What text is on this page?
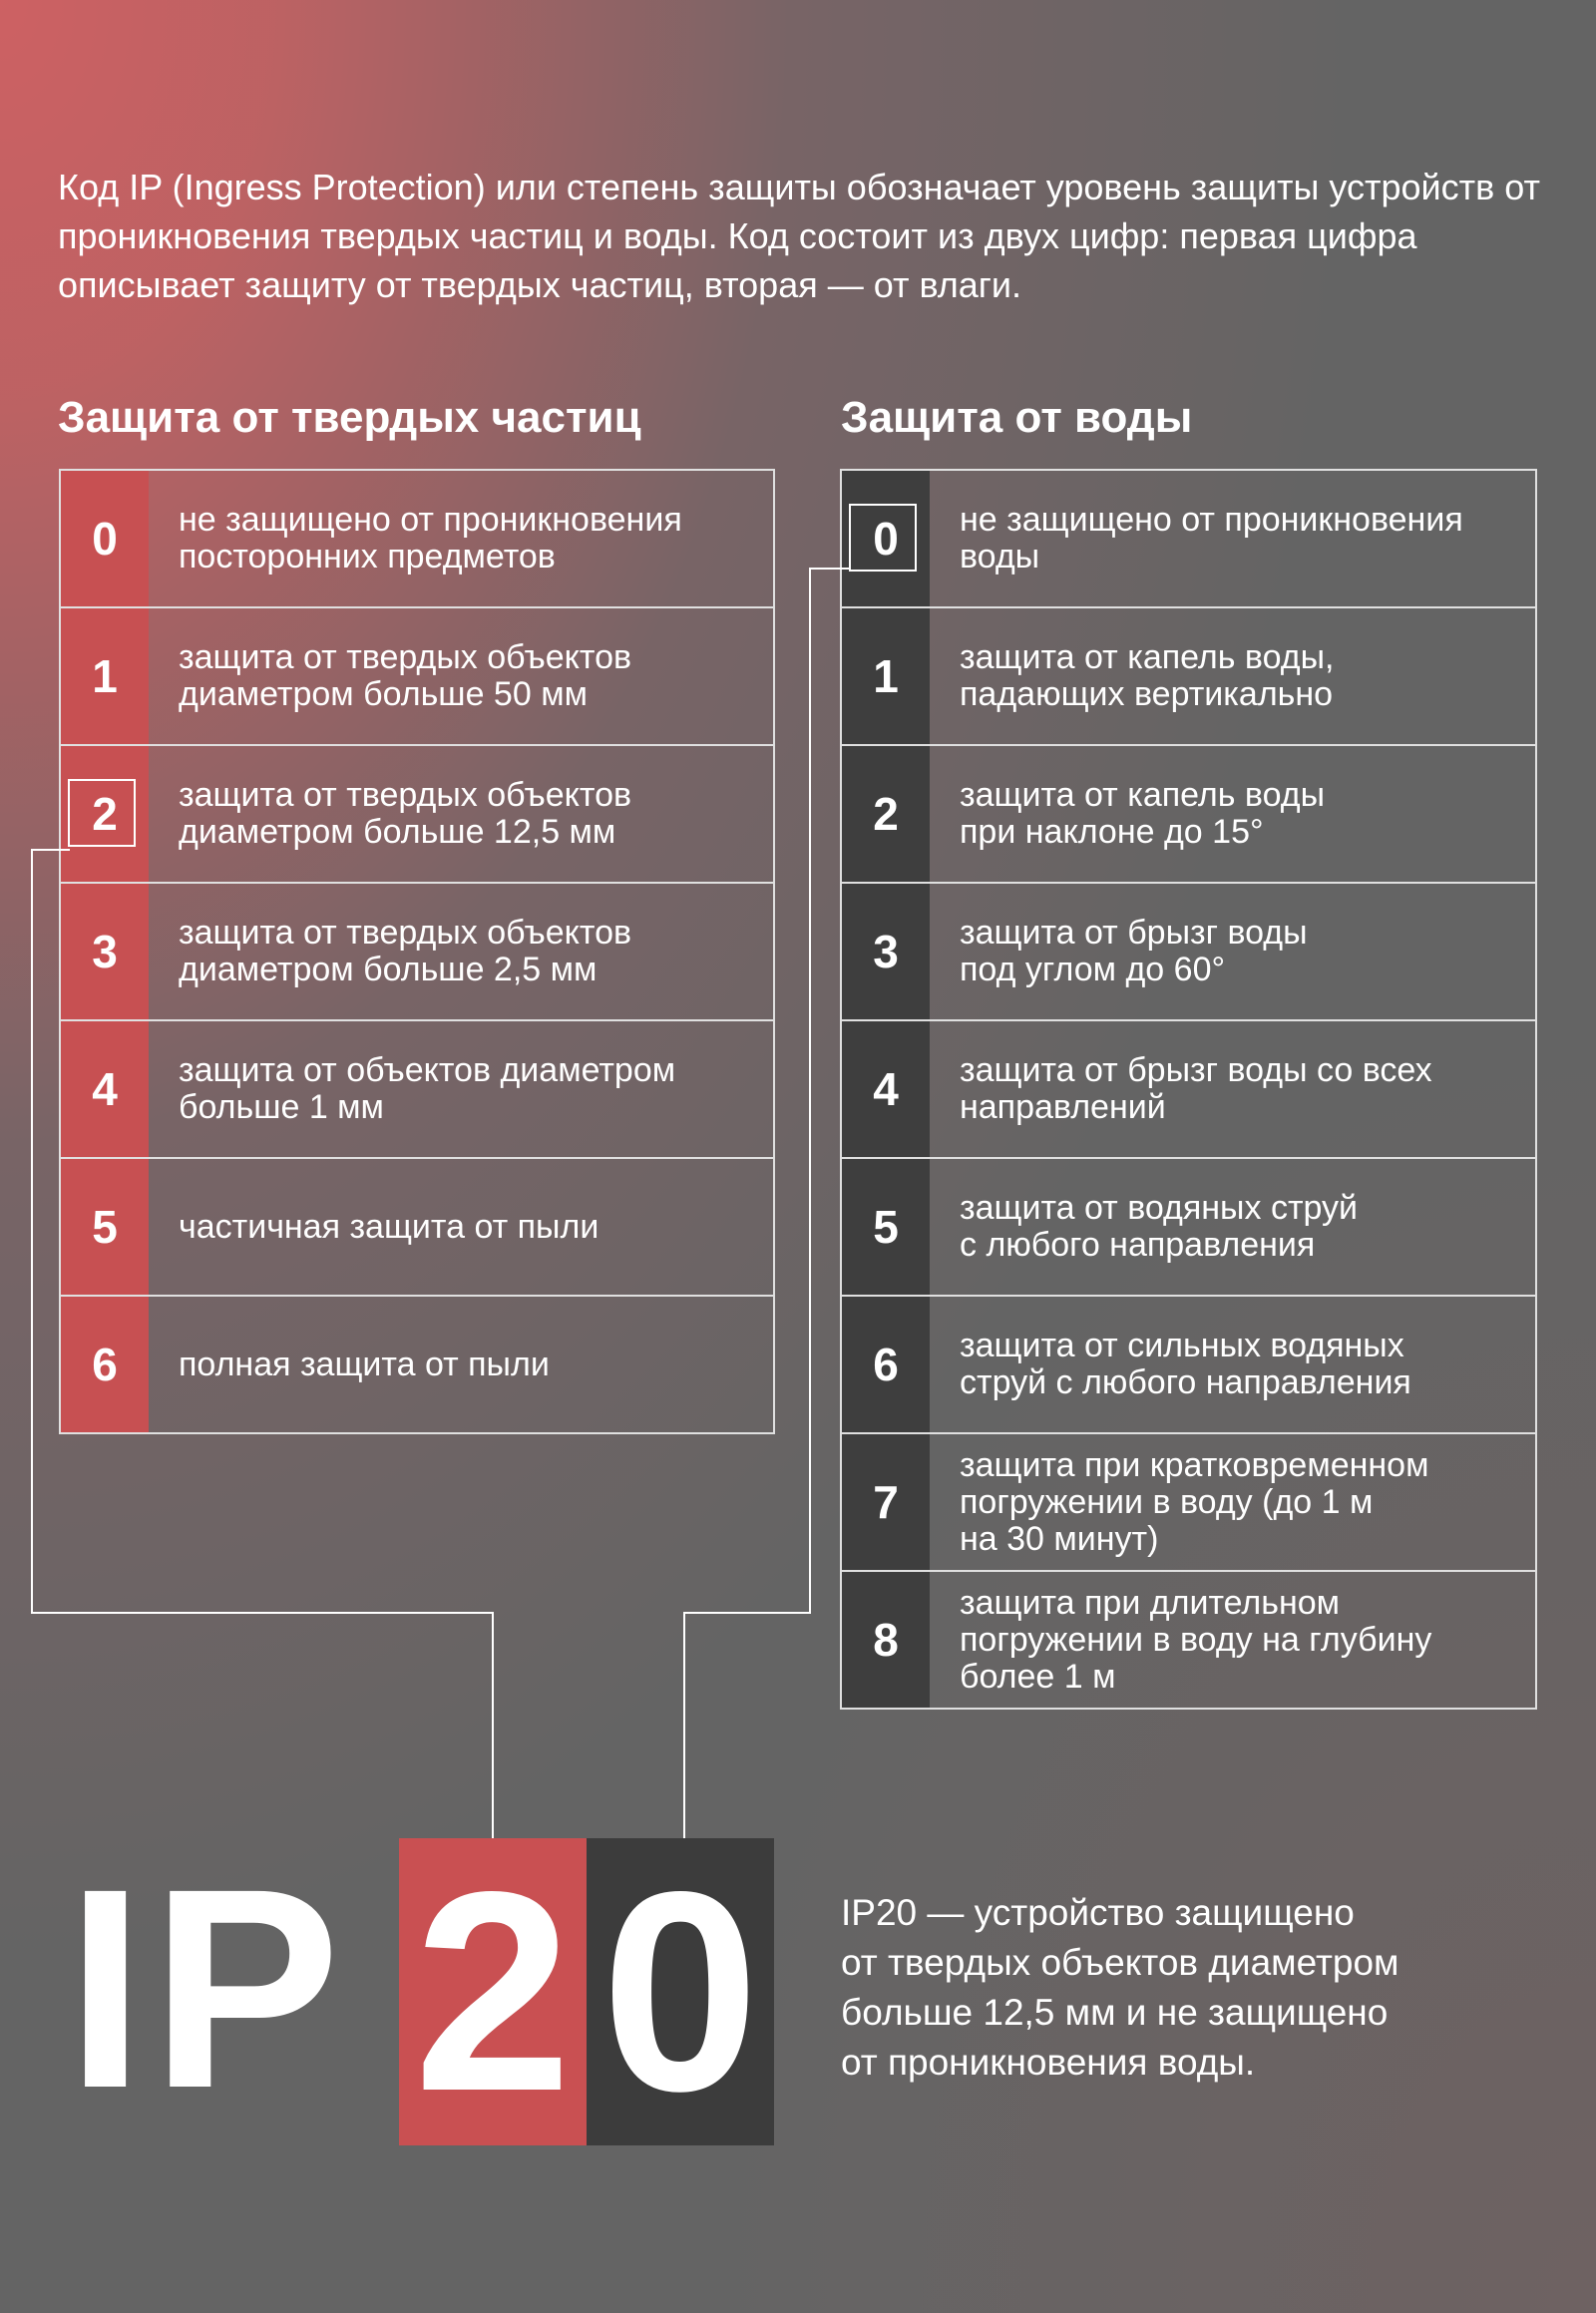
Код IP (Ingress Protection) или степень защиты обозначает уровень защиты устройств от проникновения твердых частиц и воды. Код состоит из двух цифр: первая цифра описывает защиту от твердых частиц, вторая — от влаги.
Защита от твердых частиц	Защита от воды
0	не защищено от проникновения
посторонних предметов
1	защита от твердых объектов
диаметром больше 50 мм
2	защита от твердых объектов
диаметром больше 12,5 мм
3	защита от твердых объектов
диаметром больше 2,5 мм
4	защита от объектов диаметром
больше 1 мм
5	частичная защита от пыли
6	полная защита от пыли
0	не защищено от проникновения
воды
1	защита от капель воды,
падающих вертикально
2	защита от капель воды
при наклоне до 15°
3	защита от брызг воды
под углом до 60°
4	защита от брызг воды со всех
направлений
5	защита от водяных струй
с любого направления
6	защита от сильных водяных
струй с любого направления
7
защита при кратковременном
погружении в воду (до 1 м
на 30 минут)
8
защита при длительном
погружении в воду на глубину
более 1 м
IP 2 0	IP20 — устройство защищено
от твердых объектов диаметром
больше 12,5 мм и не защищено
от проникновения воды.
